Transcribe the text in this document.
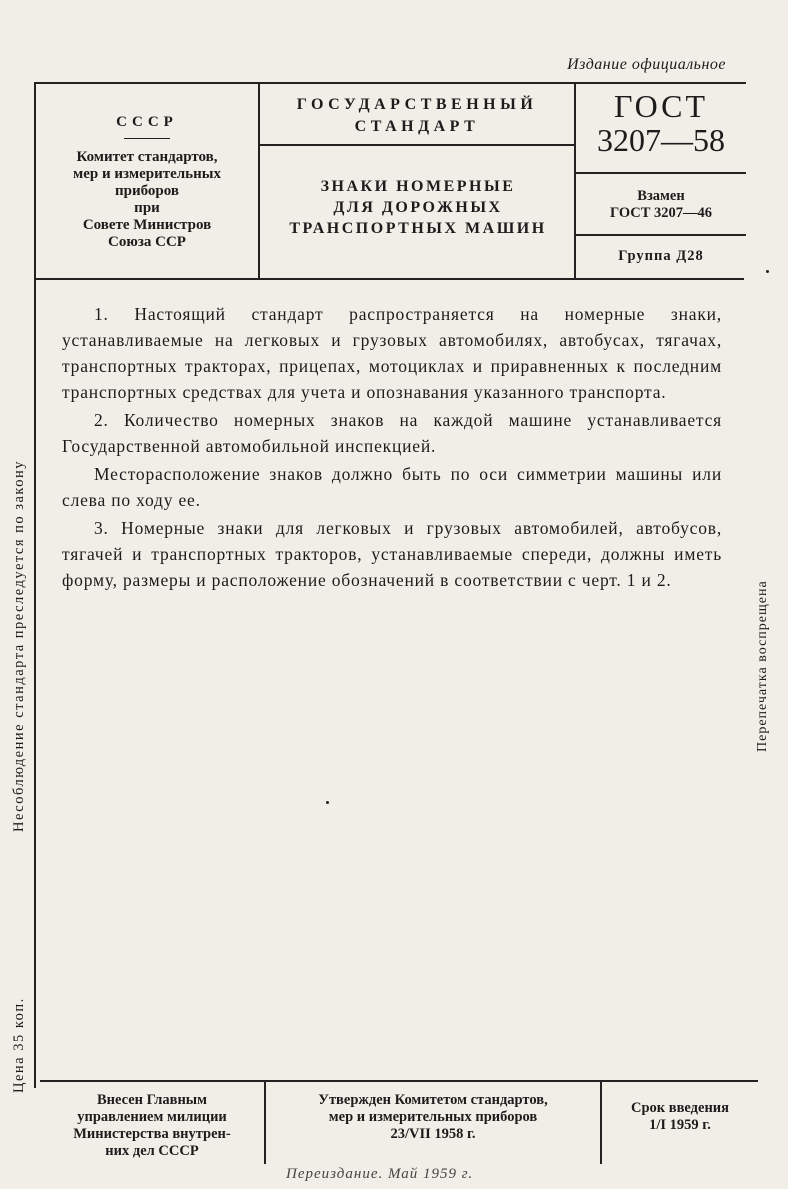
Издание официальное
СССР
Комитет стандартов,
мер и измерительных
приборов
при
Совете Министров
Союза ССР
ГОСУДАРСТВЕННЫЙ
СТАНДАРТ
ЗНАКИ НОМЕРНЫЕ
ДЛЯ ДОРОЖНЫХ
ТРАНСПОРТНЫХ МАШИН
ГОСТ
3207—58
Взамен
ГОСТ 3207—46
Группа Д28

1. Настоящий стандарт распространяется на номерные знаки, устанавливаемые на легковых и грузовых автомобилях, автобусах, тягачах, транспортных тракторах, прицепах, мотоциклах и приравненных к последним транспортных средствах для учета и опознавания указанного транспорта.

2. Количество номерных знаков на каждой машине устанавливается Государственной автомобильной инспекцией.

Месторасположение знаков должно быть по оси симметрии машины или слева по ходу ее.

3. Номерные знаки для легковых и грузовых автомобилей, автобусов, тягачей и транспортных тракторов, устанавливаемые спереди, должны иметь форму, размеры и расположение обозначений в соответствии с черт. 1 и 2.

Несоблюдение стандарта преследуется по закону
Цена 35 коп.
Перепечатка воспрещена
Внесен Главным
управлением милиции
Министерства внутрен-
них дел СССР
Утвержден Комитетом стандартов,
мер и измерительных приборов
23/VII 1958 г.
Срок введения
1/I 1959 г.
Переиздание. Май 1959 г.
